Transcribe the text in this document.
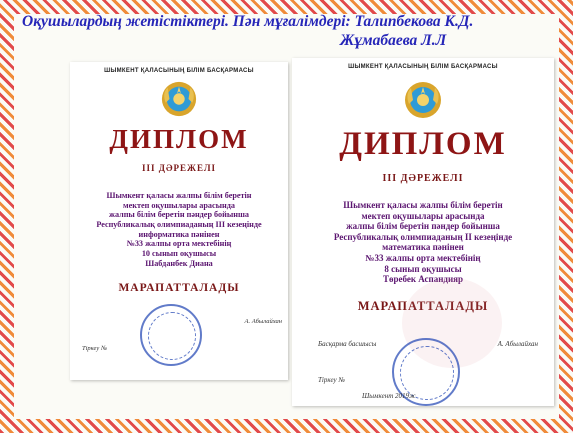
Оқушылардың жетістіктері. Пән мұғалімдері: Талипбекова К.Д.
Жұмабаева Л.Л
ШЫМКЕНТ ҚАЛАСЫНЫҢ БІЛІМ БАСҚАРМАСЫ
ДИПЛОМ
ІІІ ДӘРЕЖЕЛІ
Шымкент қаласы жалпы білім беретін
мектеп оқушылары арасында
жалпы білім беретін пәндер бойынша
Республикалық олимпиаданың ІІІ кезеңінде
информатика пәнінен
№33 жалпы орта мектебінің
10 сынып оқушысы
Шабданбек Диана
МАРАПАТТАЛАДЫ
А. Абылайхан
Тіркеу №
ШЫМКЕНТ ҚАЛАСЫНЫҢ БІЛІМ БАСҚАРМАСЫ
ДИПЛОМ
ІІІ ДӘРЕЖЕЛІ
Шымкент қаласы жалпы білім беретін
мектеп оқушылары арасында
жалпы білім беретін пәндер бойынша
Республикалық олимпиаданың ІІ кезеңінде
математика пәнінен
№33 жалпы орта мектебінің
8 сынып оқушысы
Төребек Аспандияр
МАРАПАТТАЛАДЫ
Басқарма басшысы	А. Абылайхан
Тіркеу №
Шымкент 2019ж
